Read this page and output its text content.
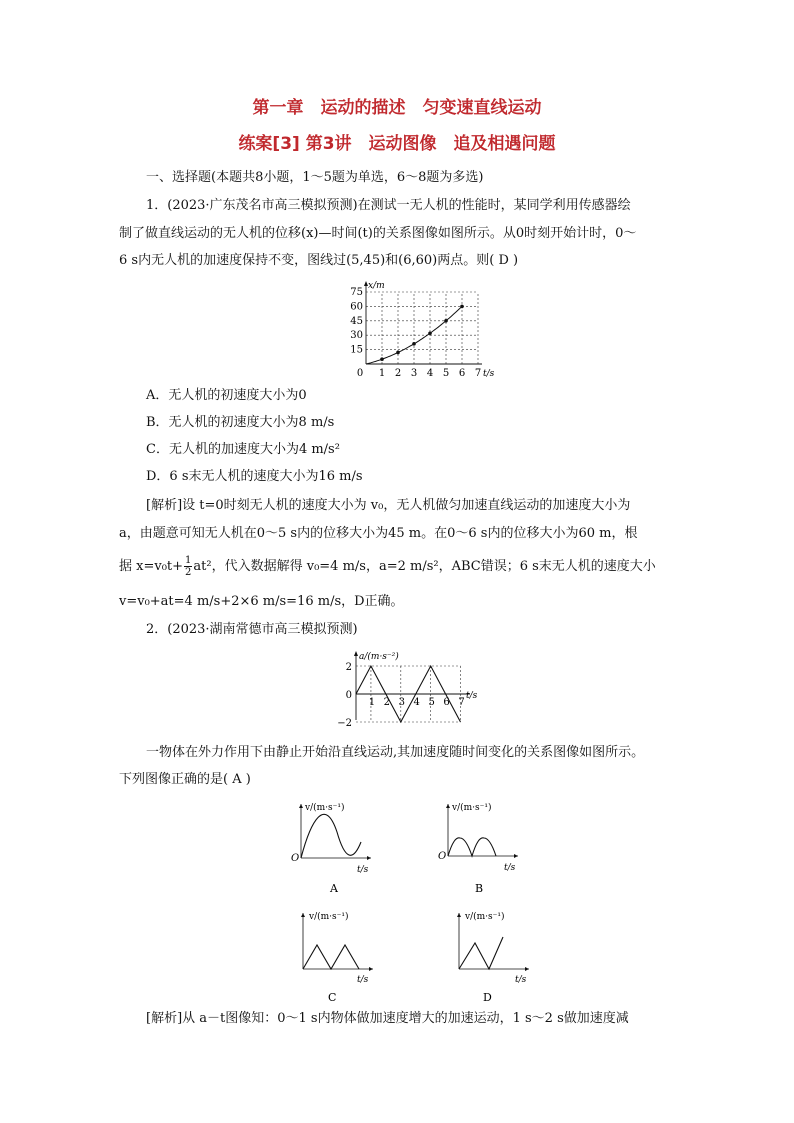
第一章　运动的描述　匀变速直线运动
练案[3] 第3讲　运动图像　追及相遇问题
一、选择题(本题共8小题，1～5题为单选，6～8题为多选)
1．(2023·广东茂名市高三模拟预测)在测试一无人机的性能时，某同学利用传感器绘
制了做直线运动的无人机的位移(x)—时间(t)的关系图像如图所示。从0时刻开始计时，0～
6 s内无人机的加速度保持不变，图线过(5,45)和(6,60)两点。则( D )
15
30
45
60
75
x/m
0 1 2 3 4 5 6 7 t/s
A．无人机的初速度大小为0
B．无人机的初速度大小为8 m/s
C．无人机的加速度大小为4 m/s²
D．6 s末无人机的速度大小为16 m/s
[解析]设 t=0时刻无人机的速度大小为 v₀，无人机做匀加速直线运动的加速度大小为
a，由题意可知无人机在0～5 s内的位移大小为45 m。在0～6 s内的位移大小为60 m，根
据 $x=v_0t+ \frac{1}{2} at^2$，代入数据解得 v₀=4 m/s，a=2 m/s²，ABC错误；6 s末无人机的速度大小
v=v₀+at=4 m/s+2×6 m/s=16 m/s，D正确。
2．(2023·湖南常德市高三模拟预测)
a/(m·s⁻²)
2
0
−2
1 2 3 4 5 6 7
t/s
一物体在外力作用下由静止开始沿直线运动,其加速度随时间变化的关系图像如图所示。
下列图像正确的是( A )
v/(m·s⁻¹)
O
t/s
A
v/(m·s⁻¹)
O
t/s
B
v/(m·s⁻¹)
t/s
C
v/(m·s⁻¹)
t/s
D
[解析]从 a－t图像知：0～1 s内物体做加速度增大的加速运动，1 s～2 s做加速度减
